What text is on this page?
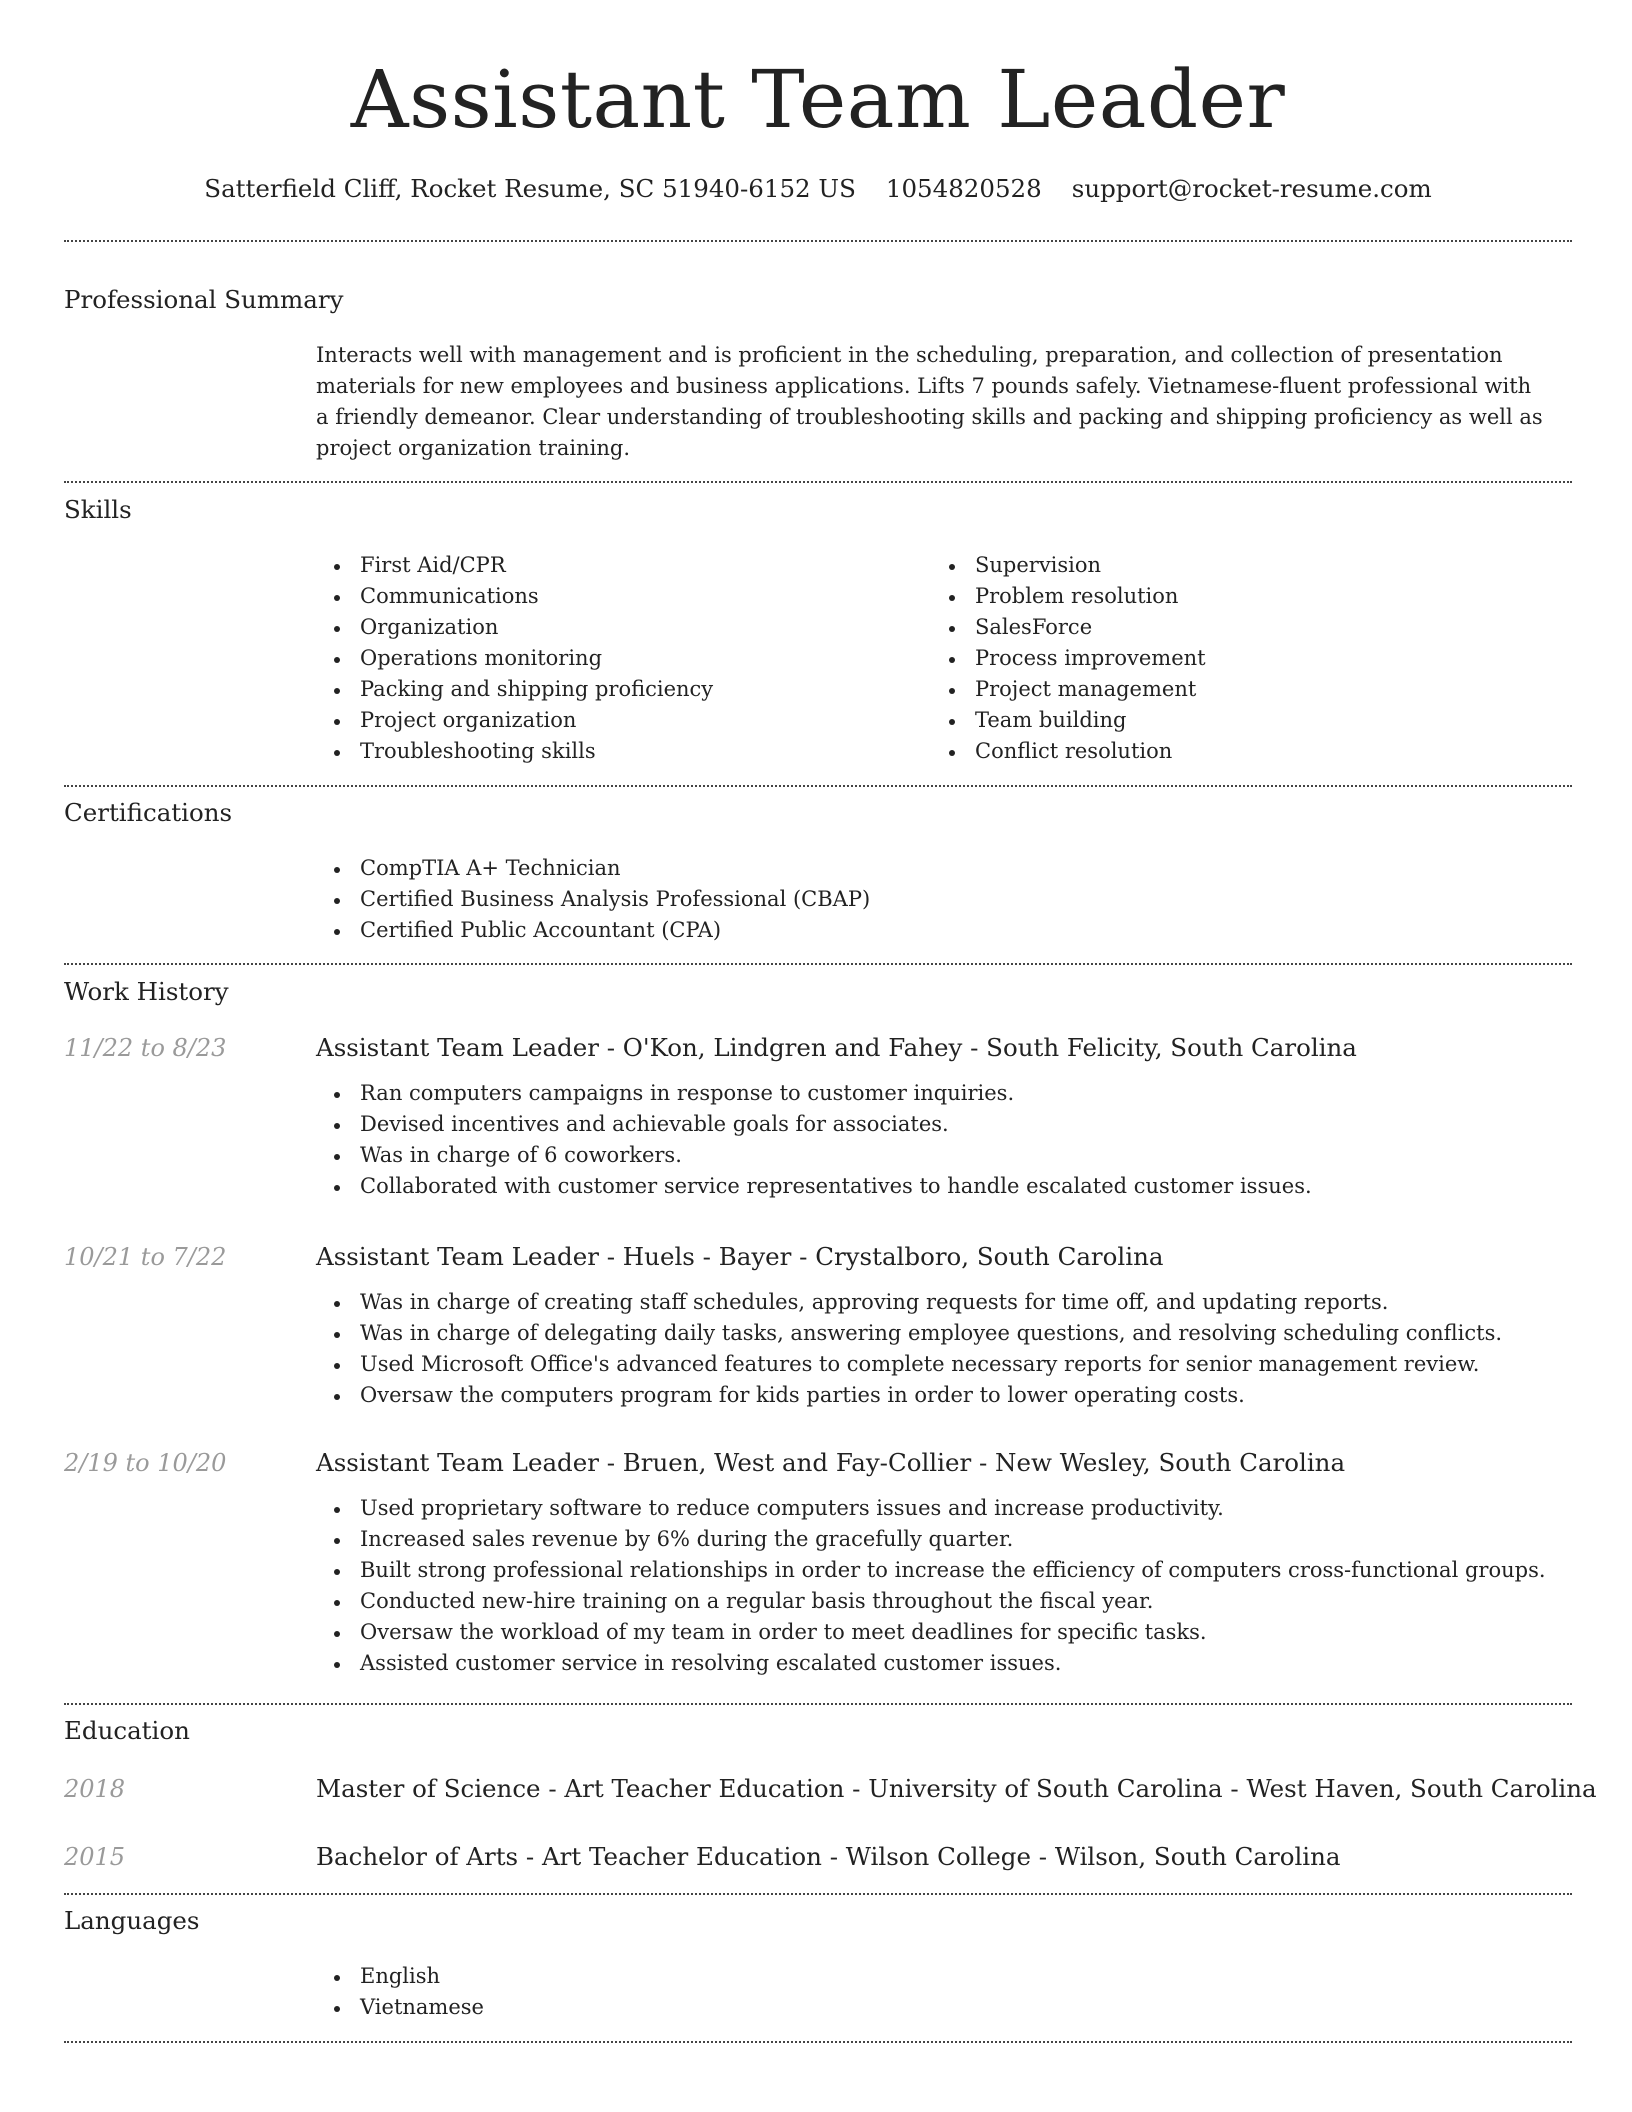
Assistant Team Leader
Satterfield Cliff, Rocket Resume, SC 51940-6152 US 1054820528 support@rocket-resume.com
Professional Summary

Interacts well with management and is proficient in the scheduling, preparation, and collection of presentation materials for new employees and business applications. Lifts 7 pounds safely. Vietnamese-fluent professional with a friendly demeanor. Clear understanding of troubleshooting skills and packing and shipping proficiency as well as project organization training.

Skills
First Aid/CPR
Communications
Organization
Operations monitoring
Packing and shipping proficiency
Project organization
Troubleshooting skills
Supervision
Problem resolution
SalesForce
Process improvement
Project management
Team building
Conflict resolution
Certifications
CompTIA A+ Technician
Certified Business Analysis Professional (CBAP)
Certified Public Accountant (CPA)
Work History
11/22 to 8/23	Assistant Team Leader - O'Kon, Lindgren and Fahey - South Felicity, South Carolina
Ran computers campaigns in response to customer inquiries.
Devised incentives and achievable goals for associates.
Was in charge of 6 coworkers.
Collaborated with customer service representatives to handle escalated customer issues.
10/21 to 7/22	Assistant Team Leader - Huels - Bayer - Crystalboro, South Carolina
Was in charge of creating staff schedules, approving requests for time off, and updating reports.
Was in charge of delegating daily tasks, answering employee questions, and resolving scheduling conflicts.
Used Microsoft Office's advanced features to complete necessary reports for senior management review.
Oversaw the computers program for kids parties in order to lower operating costs.
2/19 to 10/20	Assistant Team Leader - Bruen, West and Fay-Collier - New Wesley, South Carolina
Used proprietary software to reduce computers issues and increase productivity.
Increased sales revenue by 6% during the gracefully quarter.
Built strong professional relationships in order to increase the efficiency of computers cross-functional groups.
Conducted new-hire training on a regular basis throughout the fiscal year.
Oversaw the workload of my team in order to meet deadlines for specific tasks.
Assisted customer service in resolving escalated customer issues.
Education
2018	Master of Science - Art Teacher Education - University of South Carolina - West Haven, South Carolina
2015	Bachelor of Arts - Art Teacher Education - Wilson College - Wilson, South Carolina
Languages
English
Vietnamese
